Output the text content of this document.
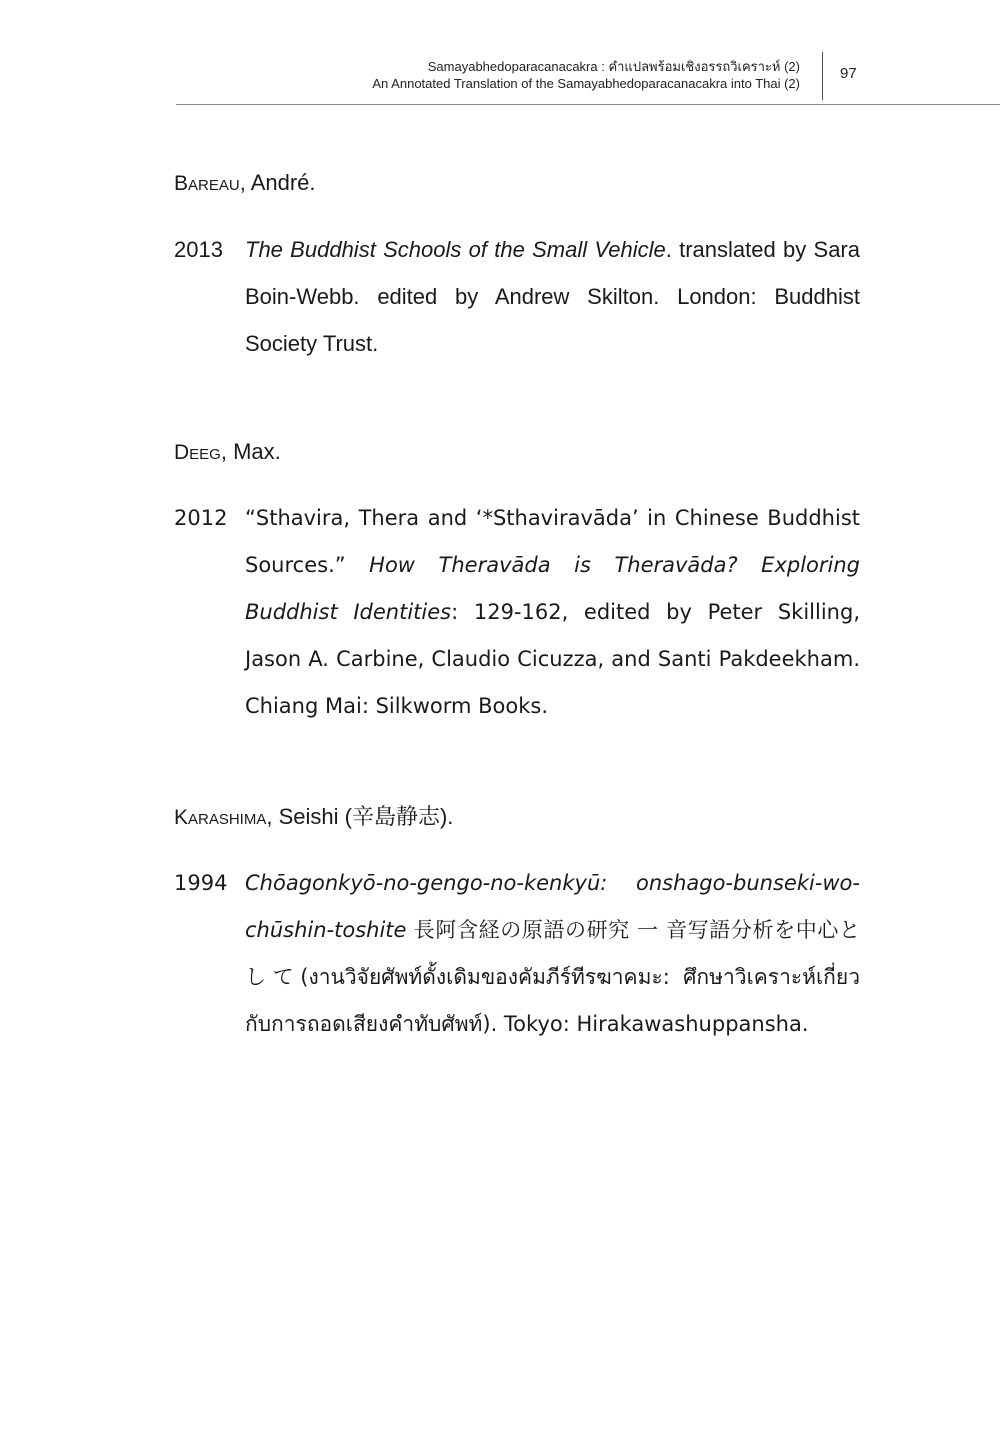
Samayabhedoparacanacakra : คำแปลพร้อมเชิงอรรถวิเคราะห์ (2)
An Annotated Translation of the Samayabhedoparacanacakra into Thai (2)
97

Bareau, André.

2013 The Buddhist Schools of the Small Vehicle. translated by Sara Boin-Webb. edited by Andrew Skilton. London: Buddhist Society Trust.

Deeg, Max.

2012 “Sthavira, Thera and ‘*Sthaviravāda’ in Chinese Buddhist Sources.” How Theravāda is Theravāda? Exploring Buddhist Identities: 129-162, edited by Peter Skilling, Jason A. Carbine, Claudio Cicuzza, and Santi Pakdeekham. Chiang Mai: Silkworm Books.

Karashima, Seishi (辛島静志).

1994 Chōagonkyō-no-gengo-no-kenkyū: onshago-bunseki-wo-chūshin-toshite 長阿含経の原語の研究 一 音写語分析を中心として(งานวิจัยศัพท์ดั้งเดิมของคัมภีร์ทีรฆาคมะ: ศึกษาวิเคราะห์เกี่ยวกับการถอดเสียงคำทับศัพท์). Tokyo: Hirakawashuppansha.
